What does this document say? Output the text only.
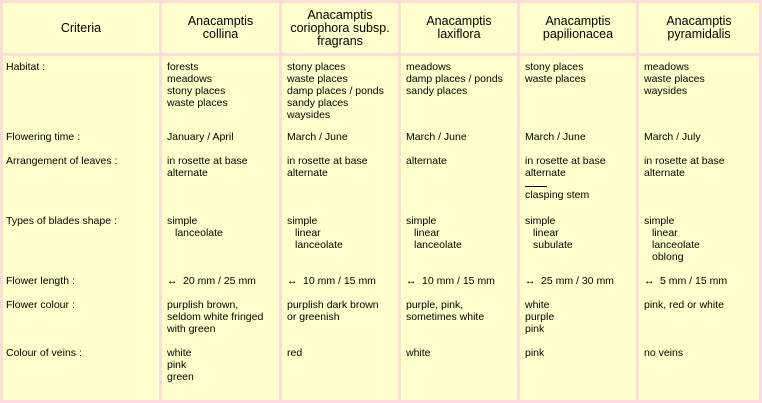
Criteria	Anacamptis
collina
Anacamptis
coriophora subsp.
fragrans
Anacamptis
laxiflora
Anacamptis
papilionacea
Anacamptis
pyramidalis
Habitat :
Flowering time :
Arrangement of leaves :
Types of blades shape :
Flower length :
Flower colour :
Colour of veins :
forests
meadows
stony places
waste places
January / April
in rosette at base
alternate
simple
lanceolate
↔ 20 mm / 25 mm
purplish brown,
seldom white fringed
with green
white
pink
green
stony places
waste places
damp places / ponds
sandy places
waysides
March / June
in rosette at base
alternate
simple
linear
lanceolate
↔ 10 mm / 15 mm
purplish dark brown
or greenish
red
meadows
damp places / ponds
sandy places
March / June
alternate
simple
linear
lanceolate
↔ 10 mm / 15 mm
purple, pink,
sometimes white
white
stony places
waste places
March / June
in rosette at base
alternate
clasping stem
simple
linear
subulate
↔ 25 mm / 30 mm
white
purple
pink
pink
meadows
waste places
waysides
March / July
in rosette at base
alternate
simple
linear
lanceolate
oblong
↔ 5 mm / 15 mm
pink, red or white
no veins
